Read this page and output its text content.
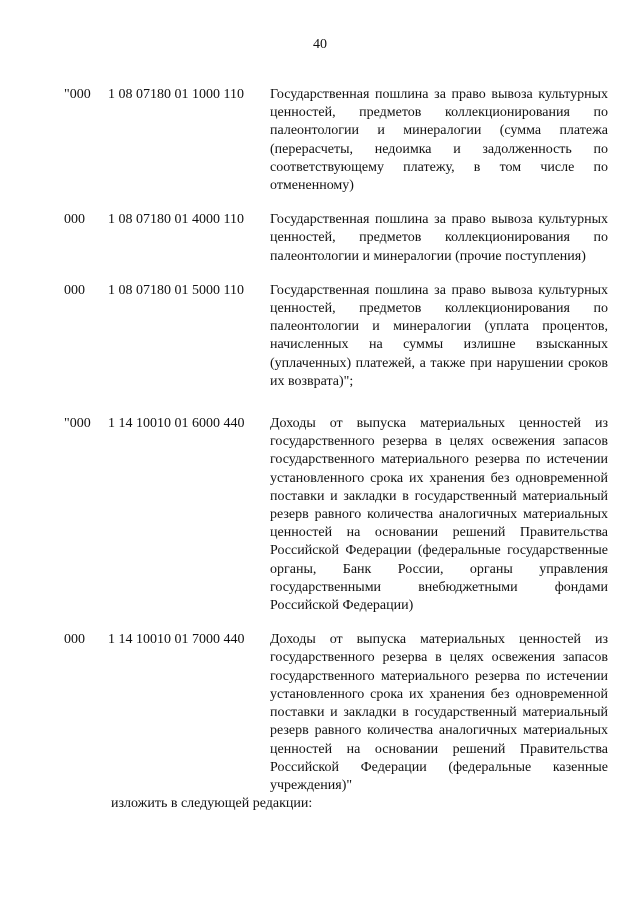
40
"000 1 08 07180 01 1000 110 Государственная пошлина за право вывоза культурных ценностей, предметов коллекционирования по палеонтологии и минералогии (сумма платежа (перерасчеты, недоимка и задолженность по соответствующему платежу, в том числе по отмененному)
000 1 08 07180 01 4000 110 Государственная пошлина за право вывоза культурных ценностей, предметов коллекционирования по палеонтологии и минералогии (прочие поступления)
000 1 08 07180 01 5000 110 Государственная пошлина за право вывоза культурных ценностей, предметов коллекционирования по палеонтологии и минералогии (уплата процентов, начисленных на суммы излишне взысканных (уплаченных) платежей, а также при нарушении сроков их возврата)";
"000 1 14 10010 01 6000 440 Доходы от выпуска материальных ценностей из государственного резерва в целях освежения запасов государственного материального резерва по истечении установленного срока их хранения без одновременной поставки и закладки в государственный материальный резерв равного количества аналогичных материальных ценностей на основании решений Правительства Российской Федерации (федеральные государственные органы, Банк России, органы управления государственными внебюджетными фондами Российской Федерации)
000 1 14 10010 01 7000 440 Доходы от выпуска материальных ценностей из государственного резерва в целях освежения запасов государственного материального резерва по истечении установленного срока их хранения без одновременной поставки и закладки в государственный материальный резерв равного количества аналогичных материальных ценностей на основании решений Правительства Российской Федерации (федеральные казенные учреждения)"
изложить в следующей редакции:
